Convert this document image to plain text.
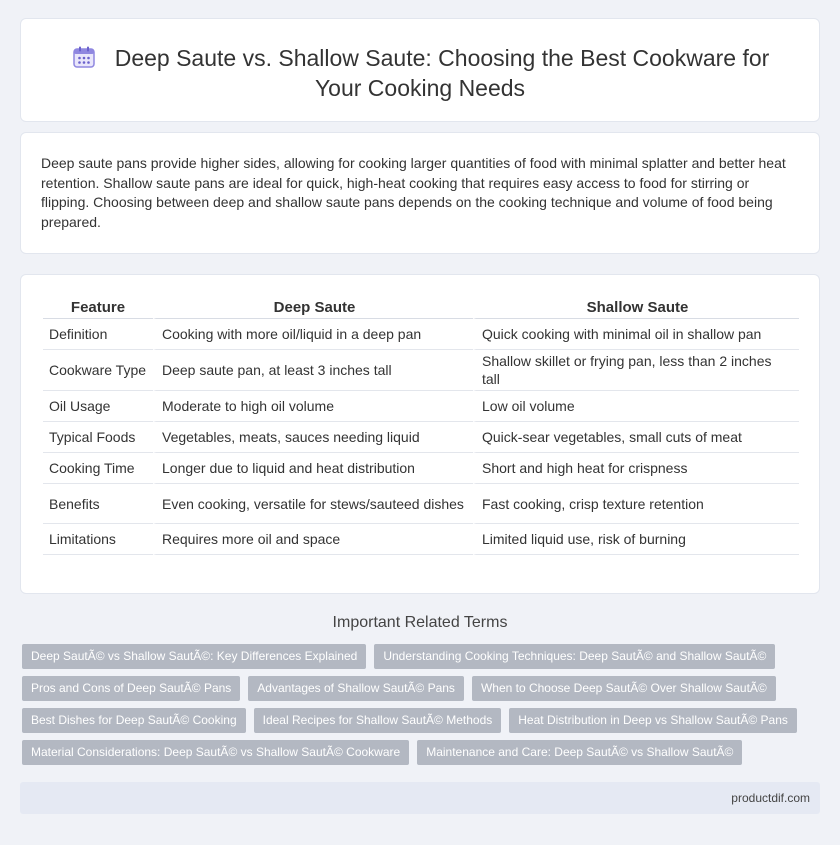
Deep Saute vs. Shallow Saute: Choosing the Best Cookware for Your Cooking Needs

Deep saute pans provide higher sides, allowing for cooking larger quantities of food with minimal splatter and better heat retention. Shallow saute pans are ideal for quick, high-heat cooking that requires easy access to food for stirring or flipping. Choosing between deep and shallow saute pans depends on the cooking technique and volume of food being prepared.

Feature	Deep Saute	Shallow Saute
Definition	Cooking with more oil/liquid in a deep pan	Quick cooking with minimal oil in shallow pan
Cookware Type	Deep saute pan, at least 3 inches tall	Shallow skillet or frying pan, less than 2 inches tall
Oil Usage	Moderate to high oil volume	Low oil volume
Typical Foods	Vegetables, meats, sauces needing liquid	Quick-sear vegetables, small cuts of meat
Cooking Time	Longer due to liquid and heat distribution	Short and high heat for crispness
Benefits	Even cooking, versatile for stews/sauteed dishes	Fast cooking, crisp texture retention
Limitations	Requires more oil and space	Limited liquid use, risk of burning
Important Related Terms
Deep SautÃ© vs Shallow SautÃ©: Key Differences Explained	Understanding Cooking Techniques: Deep SautÃ© and Shallow SautÃ©
Pros and Cons of Deep SautÃ© Pans	Advantages of Shallow SautÃ© Pans	When to Choose Deep SautÃ© Over Shallow SautÃ©
Best Dishes for Deep SautÃ© Cooking	Ideal Recipes for Shallow SautÃ© Methods	Heat Distribution in Deep vs Shallow SautÃ© Pans
Material Considerations: Deep SautÃ© vs Shallow SautÃ© Cookware	Maintenance and Care: Deep SautÃ© vs Shallow SautÃ©
productdif.com
